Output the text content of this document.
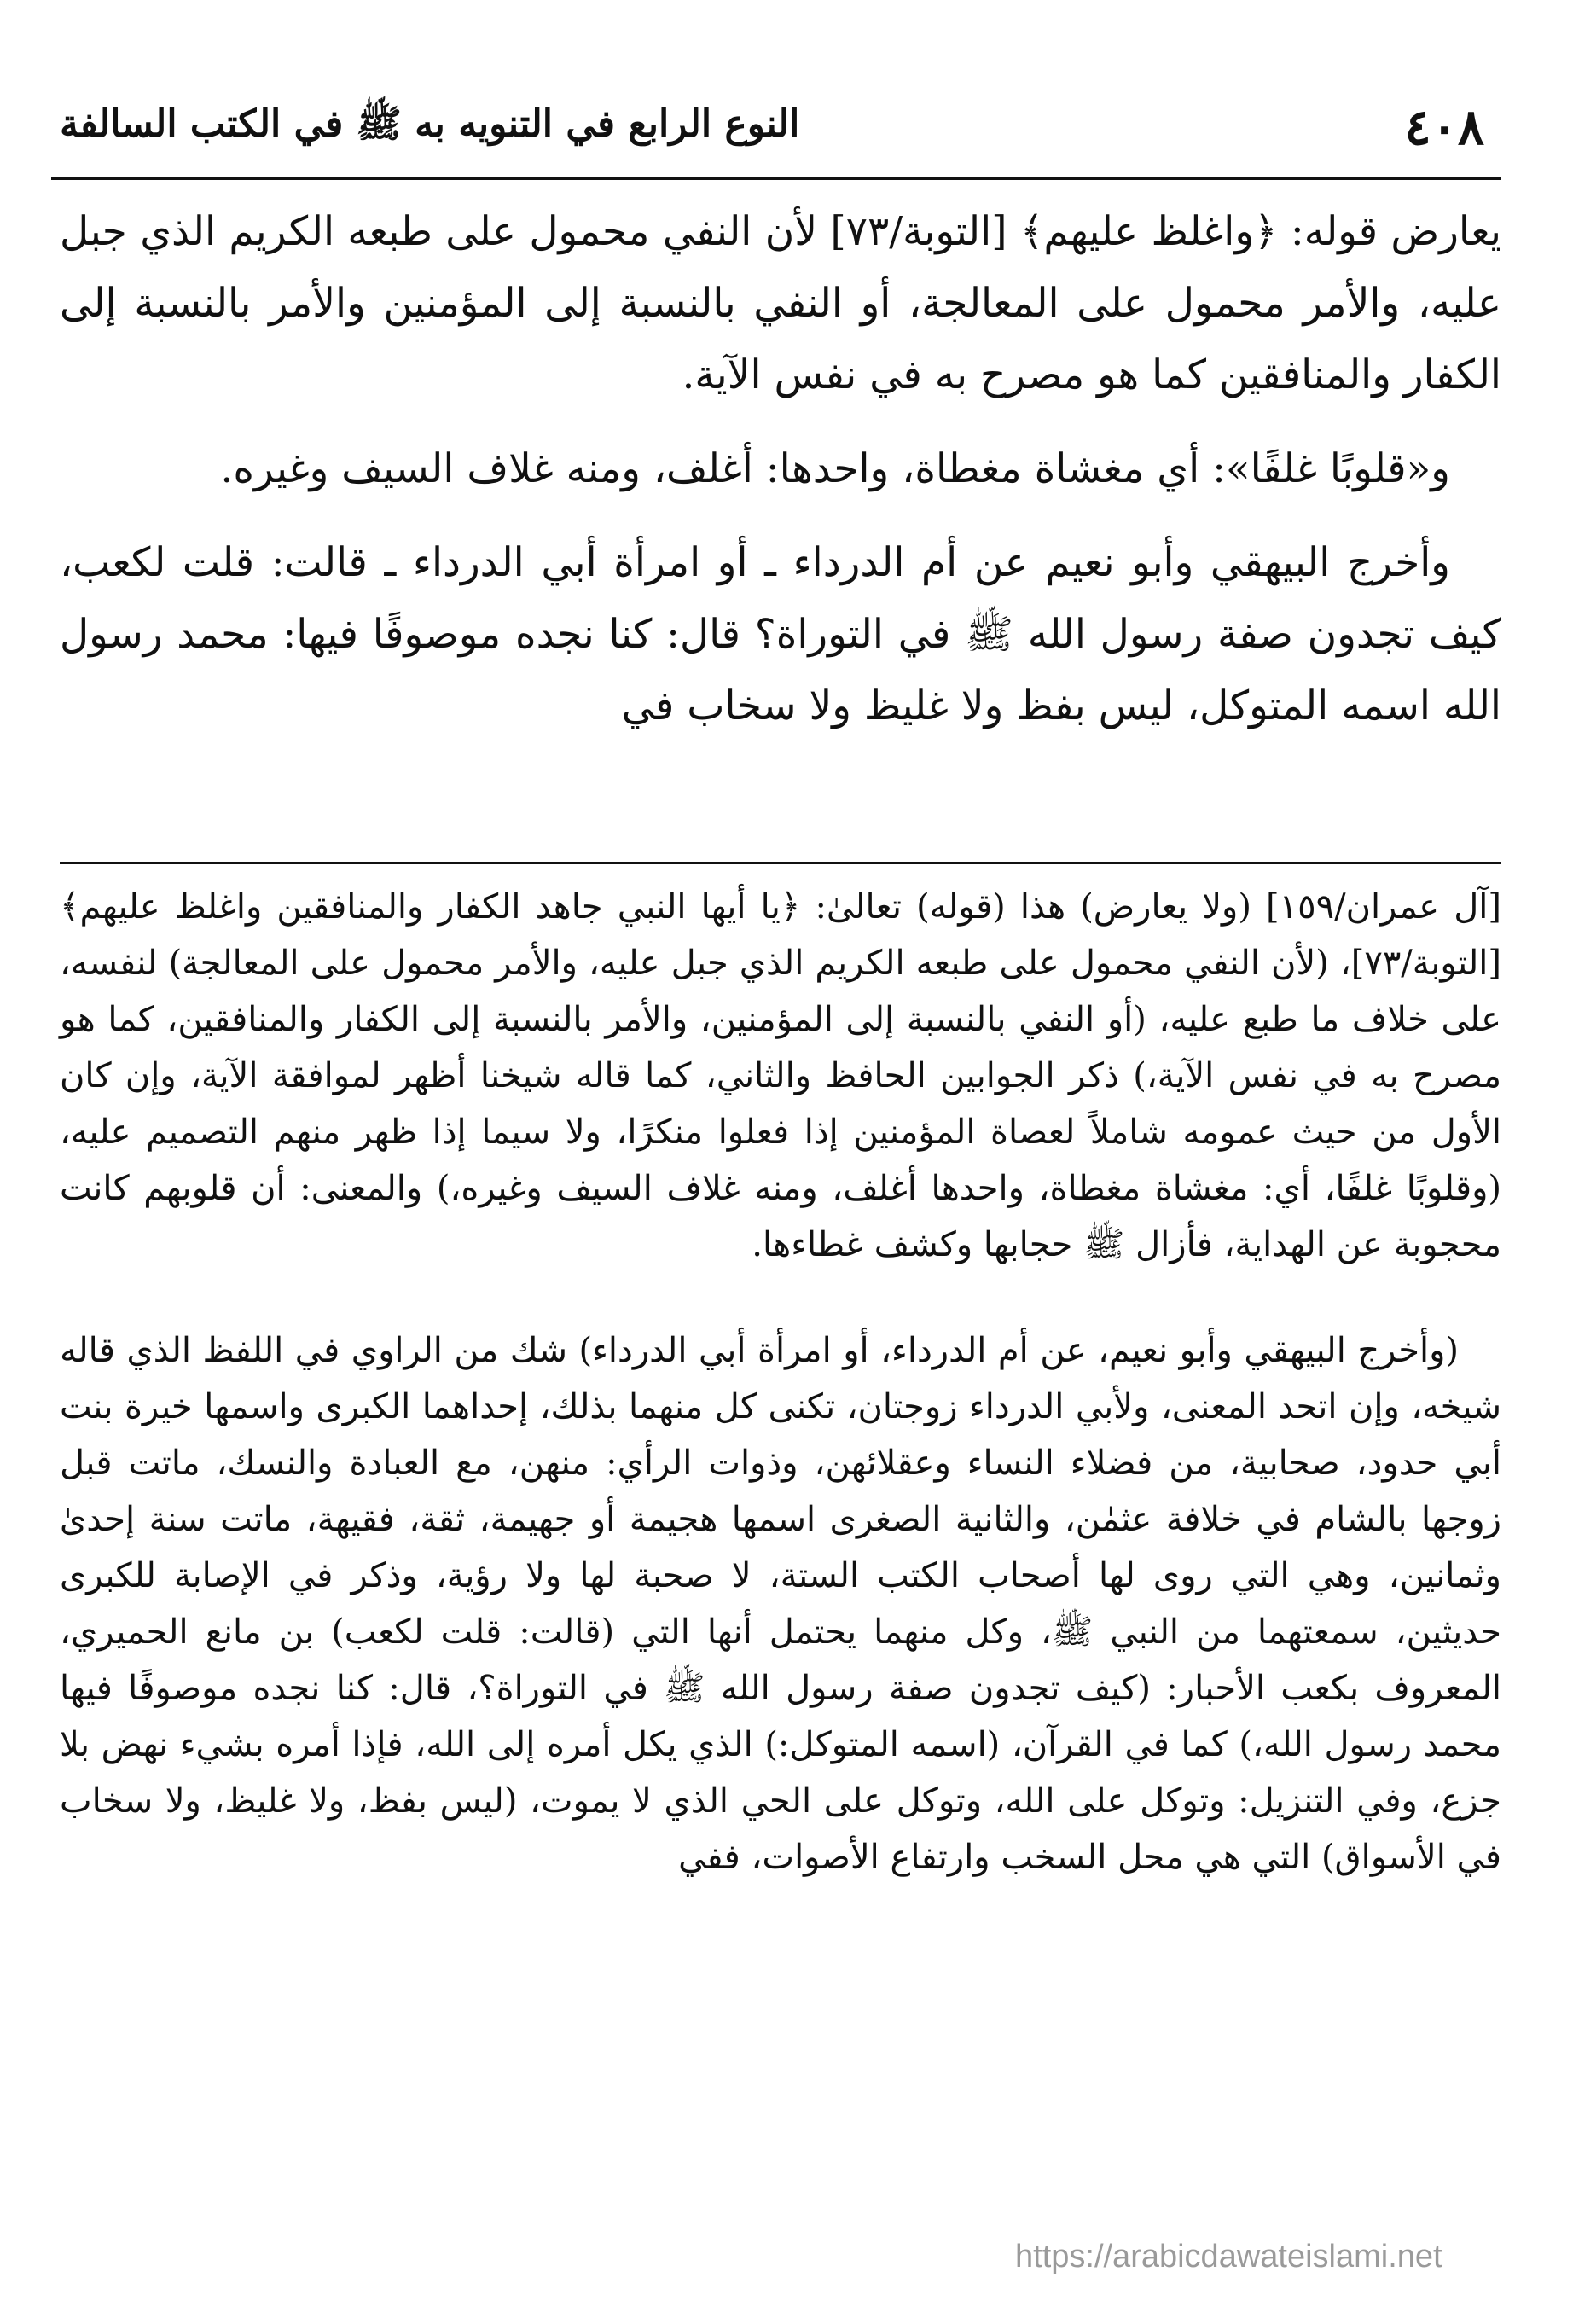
٤٠٨
النوع الرابع في التنويه به ﷺ في الكتب السالفة

يعارض قوله: ﴿واغلظ عليهم﴾ [التوبة/٧٣] لأن النفي محمول على طبعه الكريم الذي جبل عليه، والأمر محمول على المعالجة، أو النفي بالنسبة إلى المؤمنين والأمر بالنسبة إلى الكفار والمنافقين كما هو مصرح به في نفس الآية.

و«قلوبًا غلفًا»: أي مغشاة مغطاة، واحدها: أغلف، ومنه غلاف السيف وغيره.

وأخرج البيهقي وأبو نعيم عن أم الدرداء ـ أو امرأة أبي الدرداء ـ قالت: قلت لكعب، كيف تجدون صفة رسول الله ﷺ في التوراة؟ قال: كنا نجده موصوفًا فيها: محمد رسول الله اسمه المتوكل، ليس بفظ ولا غليظ ولا سخاب في

[آل عمران/١٥٩] (ولا يعارض) هذا (قوله) تعالىٰ: ﴿يا أيها النبي جاهد الكفار والمنافقين واغلظ عليهم﴾ [التوبة/٧٣]، (لأن النفي محمول على طبعه الكريم الذي جبل عليه، والأمر محمول على المعالجة) لنفسه، على خلاف ما طبع عليه، (أو النفي بالنسبة إلى المؤمنين، والأمر بالنسبة إلى الكفار والمنافقين، كما هو مصرح به في نفس الآية،) ذكر الجوابين الحافظ والثاني، كما قاله شيخنا أظهر لموافقة الآية، وإن كان الأول من حيث عمومه شاملاً لعصاة المؤمنين إذا فعلوا منكرًا، ولا سيما إذا ظهر منهم التصميم عليه، (وقلوبًا غلفًا، أي: مغشاة مغطاة، واحدها أغلف، ومنه غلاف السيف وغيره،) والمعنى: أن قلوبهم كانت محجوبة عن الهداية، فأزال ﷺ حجابها وكشف غطاءها.

(وأخرج البيهقي وأبو نعيم، عن أم الدرداء، أو امرأة أبي الدرداء) شك من الراوي في اللفظ الذي قاله شيخه، وإن اتحد المعنى، ولأبي الدرداء زوجتان، تكنى كل منهما بذلك، إحداهما الكبرى واسمها خيرة بنت أبي حدود، صحابية، من فضلاء النساء وعقلائهن، وذوات الرأي: منهن، مع العبادة والنسك، ماتت قبل زوجها بالشام في خلافة عثمٰن، والثانية الصغرى اسمها هجيمة أو جهيمة، ثقة، فقيهة، ماتت سنة إحدىٰ وثمانين، وهي التي روى لها أصحاب الكتب الستة، لا صحبة لها ولا رؤية، وذكر في الإصابة للكبرى حديثين، سمعتهما من النبي ﷺ، وكل منهما يحتمل أنها التي (قالت: قلت لكعب) بن مانع الحميري، المعروف بكعب الأحبار: (كيف تجدون صفة رسول الله ﷺ في التوراة؟، قال: كنا نجده موصوفًا فيها محمد رسول الله،) كما في القرآن، (اسمه المتوكل:) الذي يكل أمره إلى الله، فإذا أمره بشيء نهض بلا جزع، وفي التنزيل: وتوكل على الله، وتوكل على الحي الذي لا يموت، (ليس بفظ، ولا غليظ، ولا سخاب في الأسواق) التي هي محل السخب وارتفاع الأصوات، ففي

https://arabicdawateislami.net
